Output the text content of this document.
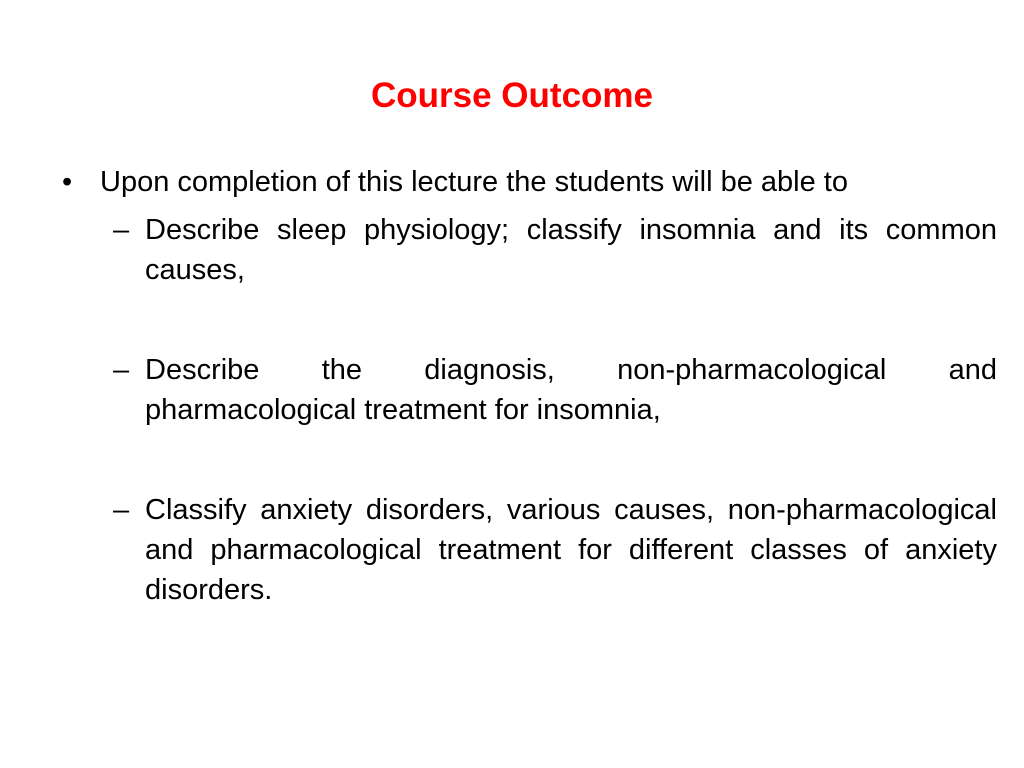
Course Outcome
• Upon completion of this lecture the students will be able to
– Describe sleep physiology; classify insomnia and its common causes,

– Describe the diagnosis, non-pharmacological and pharmacological treatment for insomnia,

– Classify anxiety disorders, various causes, non-pharmacological and pharmacological treatment for different classes of anxiety disorders.
